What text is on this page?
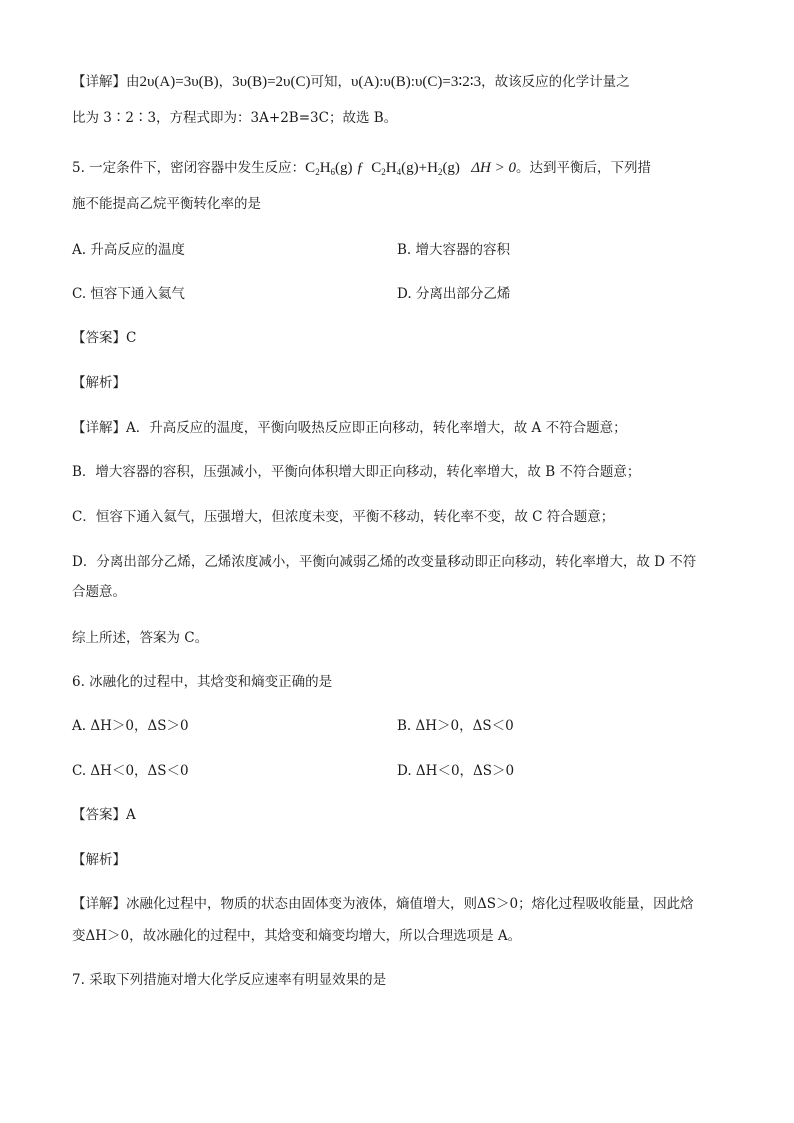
【详解】由2υ(A)=3υ(B)，3υ(B)=2υ(C)可知，υ(A):υ(B):υ(C)=3∶2∶3，故该反应的化学计量之
比为 3∶2∶3，方程式即为：3A+2B=3C；故选 B。
5. 一定条件下，密闭容器中发生反应：$C_2H_6(g)$ ƒ $C_2H_4(g)+H_2(g) \Delta H > 0$。达到平衡后，下列措
施不能提高乙烷平衡转化率的是
A. 升高反应的温度	B. 增大容器的容积
C. 恒容下通入氦气	D. 分离出部分乙烯
【答案】C
【解析】
【详解】A．升高反应的温度，平衡向吸热反应即正向移动，转化率增大，故 A 不符合题意；
B．增大容器的容积，压强减小，平衡向体积增大即正向移动，转化率增大，故 B 不符合题意；
C．恒容下通入氦气，压强增大，但浓度未变，平衡不移动，转化率不变，故 C 符合题意；
D．分离出部分乙烯，乙烯浓度减小，平衡向减弱乙烯的改变量移动即正向移动，转化率增大，故 D 不符
合题意。
综上所述，答案为 C。
6. 冰融化的过程中，其焓变和熵变正确的是
A. ΔH＞0，ΔS＞0	B. ΔH＞0，ΔS＜0
C. ΔH＜0，ΔS＜0	D. ΔH＜0，ΔS＞0
【答案】A
【解析】
【详解】冰融化过程中，物质的状态由固体变为液体，熵值增大，则ΔS＞0；熔化过程吸收能量，因此焓
变ΔH＞0，故冰融化的过程中，其焓变和熵变均增大，所以合理选项是 A。
7. 采取下列措施对增大化学反应速率有明显效果的是
